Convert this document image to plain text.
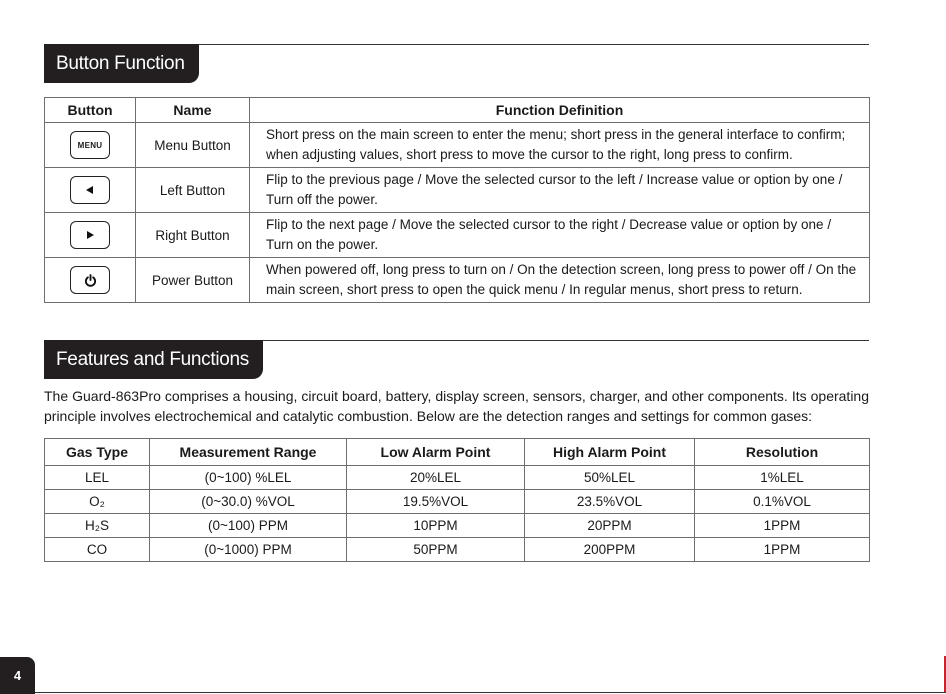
Button Function
Button	Name	Function Definition

MENU	Menu Button	Short press on the main screen to enter the menu; short press in the general interface to confirm; when adjusting values, short press to move the cursor to the right, long press to confirm.

	Left Button	Flip to the previous page / Move the selected cursor to the left / Increase value or option by one / Turn off the power.

	Right Button	Flip to the next page / Move the selected cursor to the right / Decrease value or option by one / Turn on the power.

	Power Button	When powered off, long press to turn on / On the detection screen, long press to power off / On the main screen, short press to open the quick menu / In regular menus, short press to return.
Features and Functions

The Guard-863Pro comprises a housing, circuit board, battery, display screen, sensors, charger, and other components. Its operating principle involves electrochemical and catalytic combustion. Below are the detection ranges and settings for common gases:

Gas Type	Measurement Range	Low Alarm Point	High Alarm Point	Resolution
LEL	(0~100) %LEL	20%LEL	50%LEL	1%LEL
O₂	(0~30.0) %VOL	19.5%VOL	23.5%VOL	0.1%VOL
H₂S	(0~100) PPM	10PPM	20PPM	1PPM
CO	(0~1000) PPM	50PPM	200PPM	1PPM
4
